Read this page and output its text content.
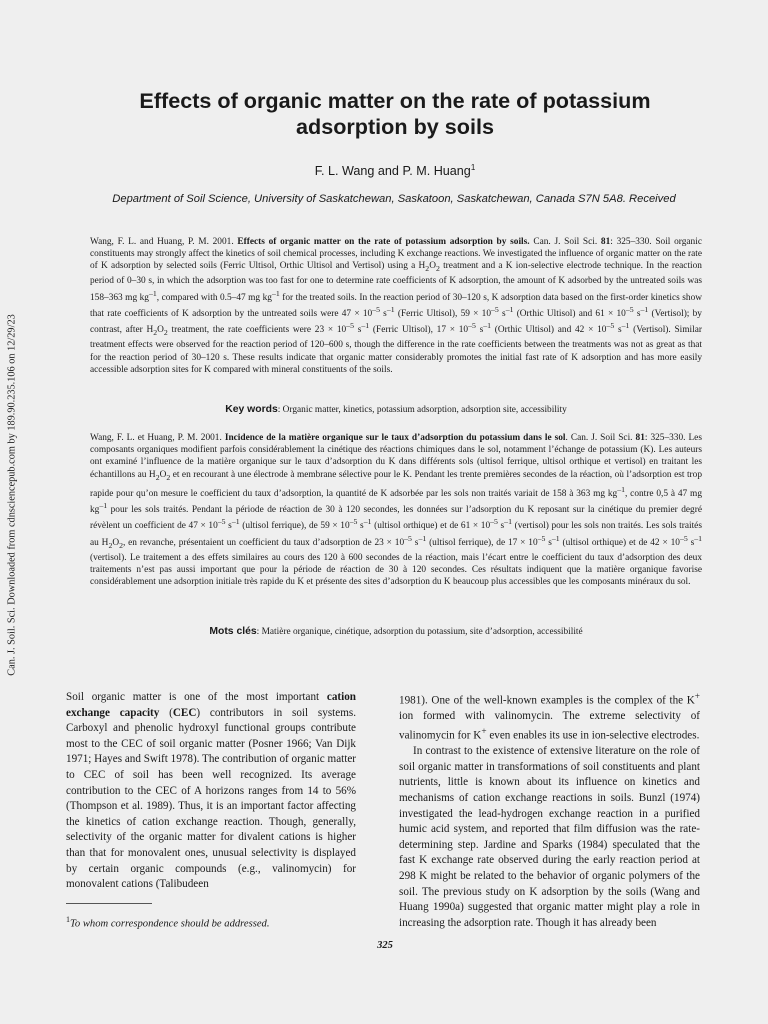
Can. J. Soil. Sci. Downloaded from cdnsciencepub.com by 189.90.235.106 on 12/29/23
Effects of organic matter on the rate of potassium
adsorption by soils
F. L. Wang and P. M. Huang$^1$
Department of Soil Science, University of Saskatchewan, Saskatoon, Saskatchewan, Canada S7N 5A8. Received

Wang, F. L. and Huang, P. M. 2001. Effects of organic matter on the rate of potassium adsorption by soils. Can. J. Soil Sci. 81: 325–330. Soil organic constituents may strongly affect the kinetics of soil chemical processes, including K exchange reactions. We investigated the influence of organic matter on the rate of K adsorption by selected soils (Ferric Ultisol, Orthic Ultisol and Vertisol) using a $H_2O_2$ treatment and a K ion-selective electrode technique. In the reaction period of 0–30 s, in which the adsorption was too fast for one to determine rate coefficients of K adsorption, the amount of K adsorbed by the untreated soils was 158–363 mg $kg^{-1}$, compared with 0.5–47 mg $kg^{-1}$ for the treated soils. In the reaction period of 30–120 s, K adsorption data based on the first-order kinetics show that rate coefficients of K adsorption by the untreated soils were $47 \times 10^{-5}$ $s^{-1}$ (Ferric Ultisol), $59 \times 10^{-5}$ $s^{-1}$ (Orthic Ultisol) and $61 \times 10^{-5}$ $s^{-1}$ (Vertisol); by contrast, after $H_2O_2$ treatment, the rate coefficients were $23 \times 10^{-5}$ $s^{-1}$ (Ferric Ultisol), $17 \times 10^{-5}$ $s^{-1}$ (Orthic Ultisol) and $42 \times 10^{-5}$ $s^{-1}$ (Vertisol). Similar treatment effects were observed for the reaction period of 120–600 s, though the difference in the rate coefficients between the treatments was not as great as that for the reaction period of 30–120 s. These results indicate that organic matter considerably promotes the initial fast rate of K adsorption and has more easily accessible adsorption sites for K compared with mineral constituents of the soils.

Key words: Organic matter, kinetics, potassium adsorption, adsorption site, accessibility

Wang, F. L. et Huang, P. M. 2001. Incidence de la matière organique sur le taux d’adsorption du potassium dans le sol. Can. J. Soil Sci. 81: 325–330. Les composants organiques modifient parfois considérablement la cinétique des réactions chimiques dans le sol, notamment l’échange de potassium (K). Les auteurs ont examiné l’influence de la matière organique sur le taux d’adsorption du K dans différents sols (ultisol ferrique, ultisol orthique et vertisol) en traitant les échantillons au $H_2O_2$ et en recourant à une électrode à membrane sélective pour le K. Pendant les trente premières secondes de la réaction, où l’adsorption est trop rapide pour qu’on mesure le coefficient du taux d’adsorption, la quantité de K adsorbée par les sols non traités variait de 158 à 363 mg $kg^{-1}$, contre 0,5 à 47 mg $kg^{-1}$ pour les sols traités. Pendant la période de réaction de 30 à 120 secondes, les données sur l’adsorption du K reposant sur la cinétique du premier degré révèlent un coefficient de $47 \times 10^{-5}$ $s^{-1}$ (ultisol ferrique), de $59 \times 10^{-5}$ $s^{-1}$ (ultisol orthique) et de $61 \times 10^{-5}$ $s^{-1}$ (vertisol) pour les sols non traités. Les sols traités au $H_2O_2$, en revanche, présentaient un coefficient du taux d’adsorption de $23 \times 10^{-5}$ $s^{-1}$ (ultisol ferrique), de $17 \times 10^{-5}$ $s^{-1}$ (ultisol orthique) et de $42 \times 10^{-5}$ $s^{-1}$ (vertisol). Le traitement a des effets similaires au cours des 120 à 600 secondes de la réaction, mais l’écart entre le coefficient du taux d’adsorption des deux traitements n’est pas aussi important que pour la période de réaction de 30 à 120 secondes. Ces résultats indiquent que la matière organique favorise considérablement une adsorption initiale très rapide du K et présente des sites d’adsorption du K beaucoup plus accessibles que les composants minéraux du sol.

Mots clés: Matière organique, cinétique, adsorption du potassium, site d’adsorption, accessibilité

Soil organic matter is one of the most important cation exchange capacity (CEC) contributors in soil systems. Carboxyl and phenolic hydroxyl functional groups contribute most to the CEC of soil organic matter (Posner 1966; Van Dijk 1971; Hayes and Swift 1978). The contribution of organic matter to CEC of soil has been well recognized. Its average contribution to the CEC of A horizons ranges from 14 to 56% (Thompson et al. 1989). Thus, it is an important factor affecting the kinetics of cation exchange reaction. Though, generally, selectivity of the organic matter for divalent cations is higher than that for monovalent ones, unusual selectivity is displayed by certain organic compounds (e.g., valinomycin) for monovalent cations (Talibudeen

1981). One of the well-known examples is the complex of the K+ ion formed with valinomycin. The extreme selectivity of valinomycin for K+ even enables its use in ion-selective electrodes.
In contrast to the existence of extensive literature on the role of soil organic matter in transformations of soil constituents and plant nutrients, little is known about its influence on kinetics and mechanisms of cation exchange reactions in soils. Bunzl (1974) investigated the lead-hydrogen exchange reaction in a purified humic acid system, and reported that film diffusion was the rate-determining step. Jardine and Sparks (1984) speculated that the fast K exchange rate observed during the early reaction period at 298 K might be related to the behavior of organic polymers of the soil. The previous study on K adsorption by the soils (Wang and Huang 1990a) suggested that organic matter might play a role in increasing the adsorption rate. Though it has already been
$^1$To whom correspondence should be addressed.
325
